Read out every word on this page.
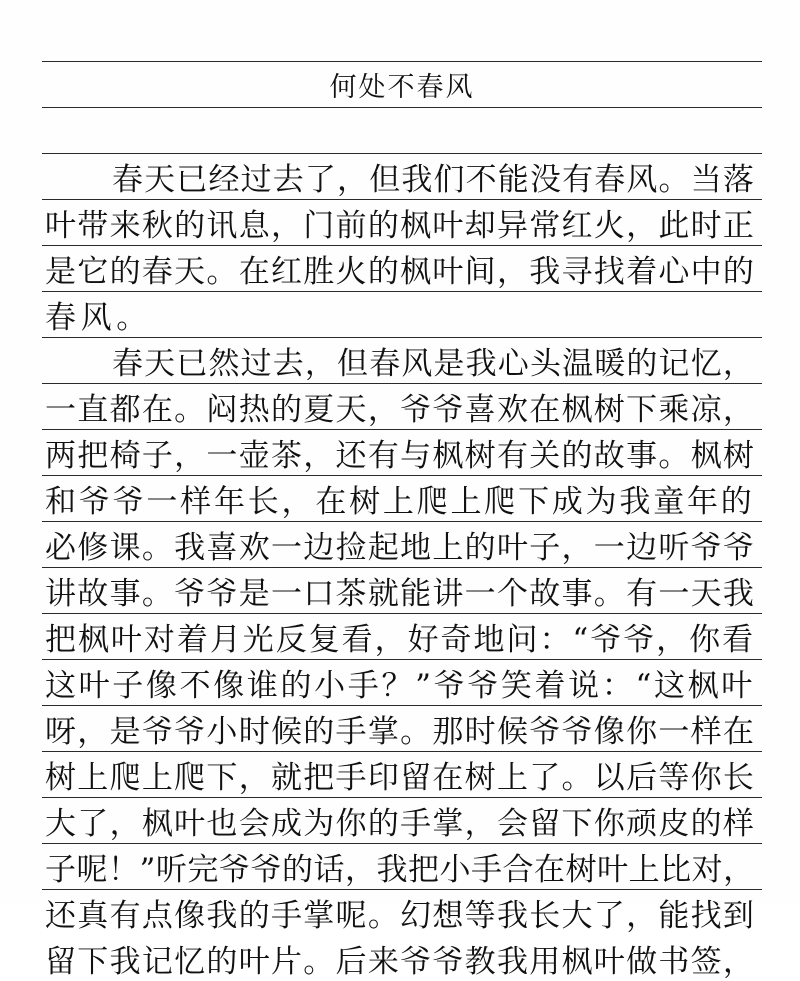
何处不春风
春天已经过去了，但我们不能没有春风。当落
叶带来秋的讯息，门前的枫叶却异常红火，此时正
是它的春天。在红胜火的枫叶间，我寻找着心中的
春风。
春天已然过去，但春风是我心头温暖的记忆，
一直都在。闷热的夏天，爷爷喜欢在枫树下乘凉，
两把椅子，一壶茶，还有与枫树有关的故事。枫树
和爷爷一样年长，在树上爬上爬下成为我童年的
必修课。我喜欢一边捡起地上的叶子，一边听爷爷
讲故事。爷爷是一口茶就能讲一个故事。有一天我
把枫叶对着月光反复看，好奇地问：“爷爷，你看
这叶子像不像谁的小手？”爷爷笑着说：“这枫叶
呀，是爷爷小时候的手掌。那时候爷爷像你一样在
树上爬上爬下，就把手印留在树上了。以后等你长
大了，枫叶也会成为你的手掌，会留下你顽皮的样
子呢！”听完爷爷的话，我把小手合在树叶上比对，
还真有点像我的手掌呢。幻想等我长大了，能找到
留下我记忆的叶片。后来爷爷教我用枫叶做书签，
